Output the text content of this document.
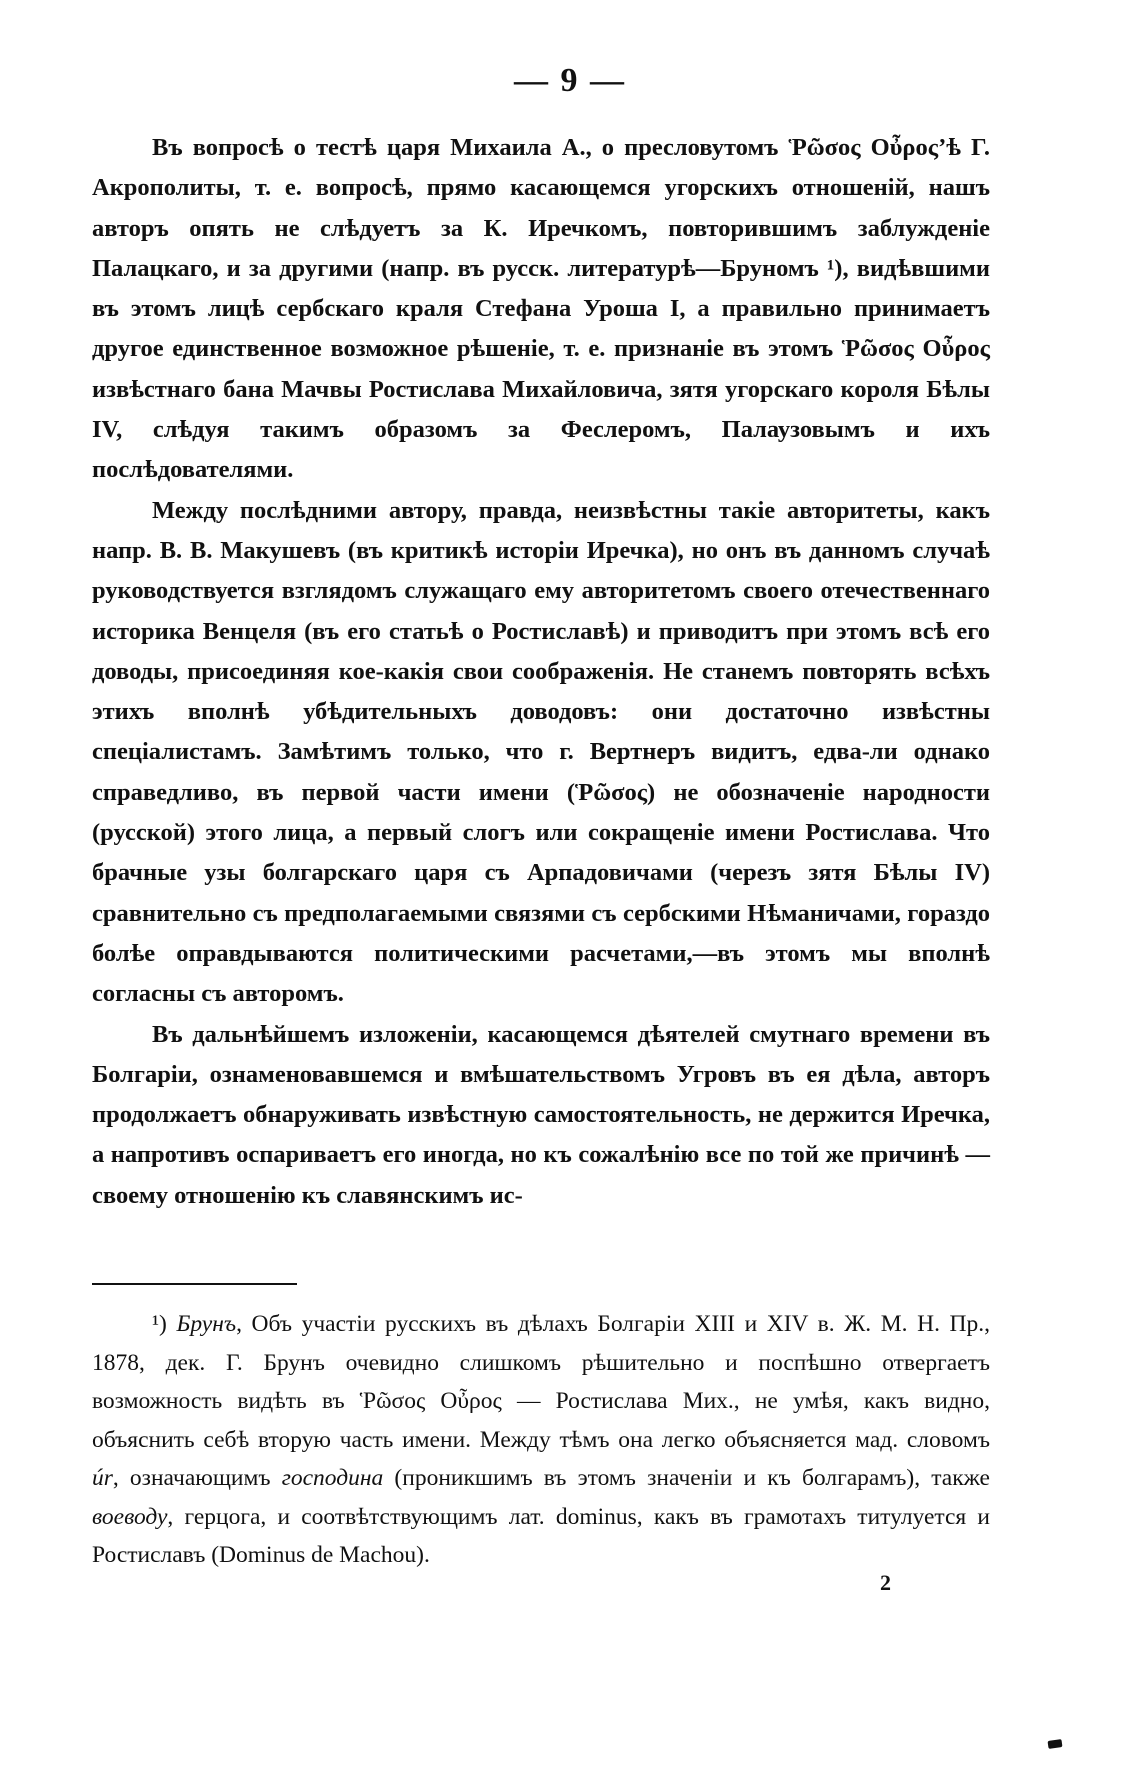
— 9 —

Въ вопросѣ о тестѣ царя Михаила А., о пресловутомъ Ῥῶσος Οὖρος’ѣ Г. Акрополиты, т. е. вопросѣ, прямо касающемся угорскихъ отношеній, нашъ авторъ опять не слѣдуетъ за К. Иречкомъ, повторившимъ заблужденіе Палацкаго, и за другими (напр. въ русск. литературѣ—Бруномъ ¹), видѣвшими въ этомъ лицѣ сербскаго краля Стефана Уроша I, а правильно принимаетъ другое единственное возможное рѣшеніе, т. е. признаніе въ этомъ Ῥῶσος Οὖρος извѣстнаго бана Мачвы Ростислава Михайловича, зятя угорскаго короля Бѣлы IV, слѣдуя такимъ образомъ за Феслеромъ, Палаузовымъ и ихъ послѣдователями.

Между послѣдними автору, правда, неизвѣстны такіе авторитеты, какъ напр. В. В. Макушевъ (въ критикѣ исторіи Иречка), но онъ въ данномъ случаѣ руководствуется взглядомъ служащаго ему авторитетомъ своего отечественнаго историка Венцеля (въ его статьѣ о Ростиславѣ) и приводитъ при этомъ всѣ его доводы, присоединяя кое-какія свои соображенія. Не станемъ повторять всѣхъ этихъ вполнѣ убѣдительныхъ доводовъ: они достаточно извѣстны спеціалистамъ. Замѣтимъ только, что г. Вертнеръ видитъ, едва-ли однако справедливо, въ первой части имени (Ῥῶσος) не обозначеніе народности (русской) этого лица, а первый слогъ или сокращеніе имени Ростислава. Что брачные узы болгарскаго царя съ Арпадовичами (черезъ зятя Бѣлы IV) сравнительно съ предполагаемыми связями съ сербскими Нѣманичами, гораздо болѣе оправдываются политическими расчетами,—въ этомъ мы вполнѣ согласны съ авторомъ.

Въ дальнѣйшемъ изложеніи, касающемся дѣятелей смутнаго времени въ Болгаріи, ознаменовавшемся и вмѣшательствомъ Угровъ въ ея дѣла, авторъ продолжаетъ обнаруживать извѣстную самостоятельность, не держится Иречка, а напротивъ оспариваетъ его иногда, но къ сожалѣнію все по той же причинѣ — своему отношенію къ славянскимъ ис-

¹) Брунъ, Объ участіи русскихъ въ дѣлахъ Болгаріи XIII и XIV в. Ж. М. Н. Пр., 1878, дек. Г. Брунъ очевидно слишкомъ рѣшительно и поспѣшно отвергаетъ возможность видѣть въ Ῥῶσος Οὖρος — Ростислава Мих., не умѣя, какъ видно, объяснить себѣ вторую часть имени. Между тѣмъ она легко объясняется мад. словомъ úr, означающимъ господина (проникшимъ въ этомъ значеніи и къ болгарамъ), также воеводу, герцога, и соотвѣтствующимъ лат. dominus, какъ въ грамотахъ титулуется и Ростиславъ (Dominus de Machou).

2
